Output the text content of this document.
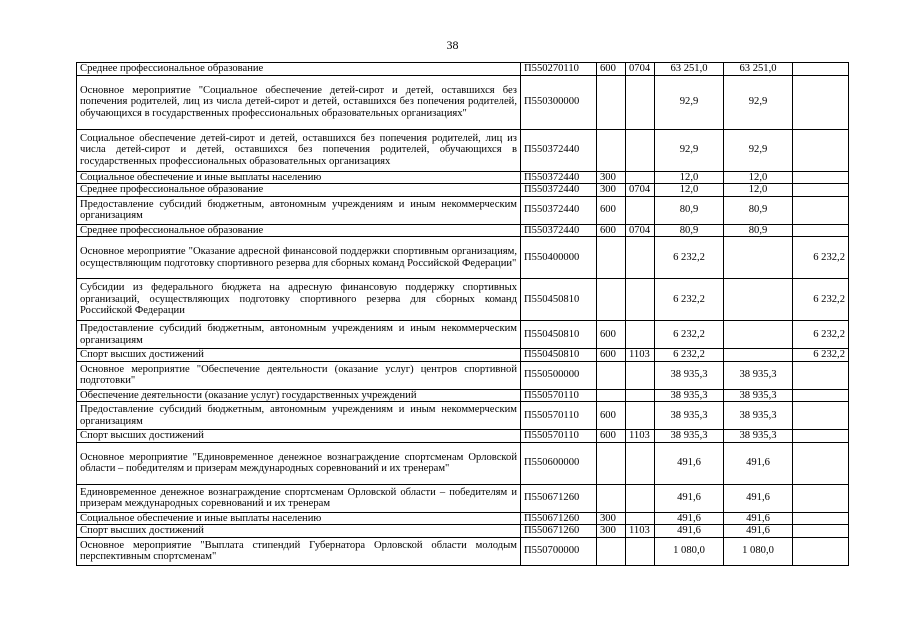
38
Среднее профессиональное образование	П550270110	600	0704	63 251,0	63 251,0	
Основное мероприятие "Социальное обеспечение детей-сирот и детей, оставшихся без попечения родителей, лиц из числа детей-сирот и детей, оставшихся без попечения родителей, обучающихся в государственных профессиональных образовательных организациях"	П550300000			92,9	92,9	
Социальное обеспечение детей-сирот и детей, оставшихся без попечения родителей, лиц из числа детей-сирот и детей, оставшихся без попечения родителей, обучающихся в государственных профессиональных образовательных организациях	П550372440			92,9	92,9	
Социальное обеспечение и иные выплаты населению	П550372440	300		12,0	12,0	
Среднее профессиональное образование	П550372440	300	0704	12,0	12,0	
Предоставление субсидий бюджетным, автономным учреждениям и иным некоммерческим организациям	П550372440	600		80,9	80,9	
Среднее профессиональное образование	П550372440	600	0704	80,9	80,9	
Основное мероприятие "Оказание адресной финансовой поддержки спортивным организациям, осуществляющим подготовку спортивного резерва для сборных команд Российской Федерации"	П550400000			6 232,2		6 232,2
Субсидии из федерального бюджета на адресную финансовую поддержку спортивных организаций, осуществляющих подготовку спортивного резерва для сборных команд Российской Федерации	П550450810			6 232,2		6 232,2
Предоставление субсидий бюджетным, автономным учреждениям и иным некоммерческим организациям	П550450810	600		6 232,2		6 232,2
Спорт высших достижений	П550450810	600	1103	6 232,2		6 232,2
Основное мероприятие "Обеспечение деятельности (оказание услуг) центров спортивной подготовки"	П550500000			38 935,3	38 935,3	
Обеспечение деятельности (оказание услуг) государственных учреждений	П550570110			38 935,3	38 935,3	
Предоставление субсидий бюджетным, автономным учреждениям и иным некоммерческим организациям	П550570110	600		38 935,3	38 935,3	
Спорт высших достижений	П550570110	600	1103	38 935,3	38 935,3	
Основное мероприятие "Единовременное денежное вознаграждение спортсменам Орловской области – победителям и призерам международных соревнований и их тренерам"	П550600000			491,6	491,6	
Единовременное денежное вознаграждение спортсменам Орловской области – победителям и призерам международных соревнований и их тренерам	П550671260			491,6	491,6	
Социальное обеспечение и иные выплаты населению	П550671260	300		491,6	491,6	
Спорт высших достижений	П550671260	300	1103	491,6	491,6	
Основное мероприятие "Выплата стипендий Губернатора Орловской области молодым перспективным спортсменам"	П550700000			1 080,0	1 080,0	
